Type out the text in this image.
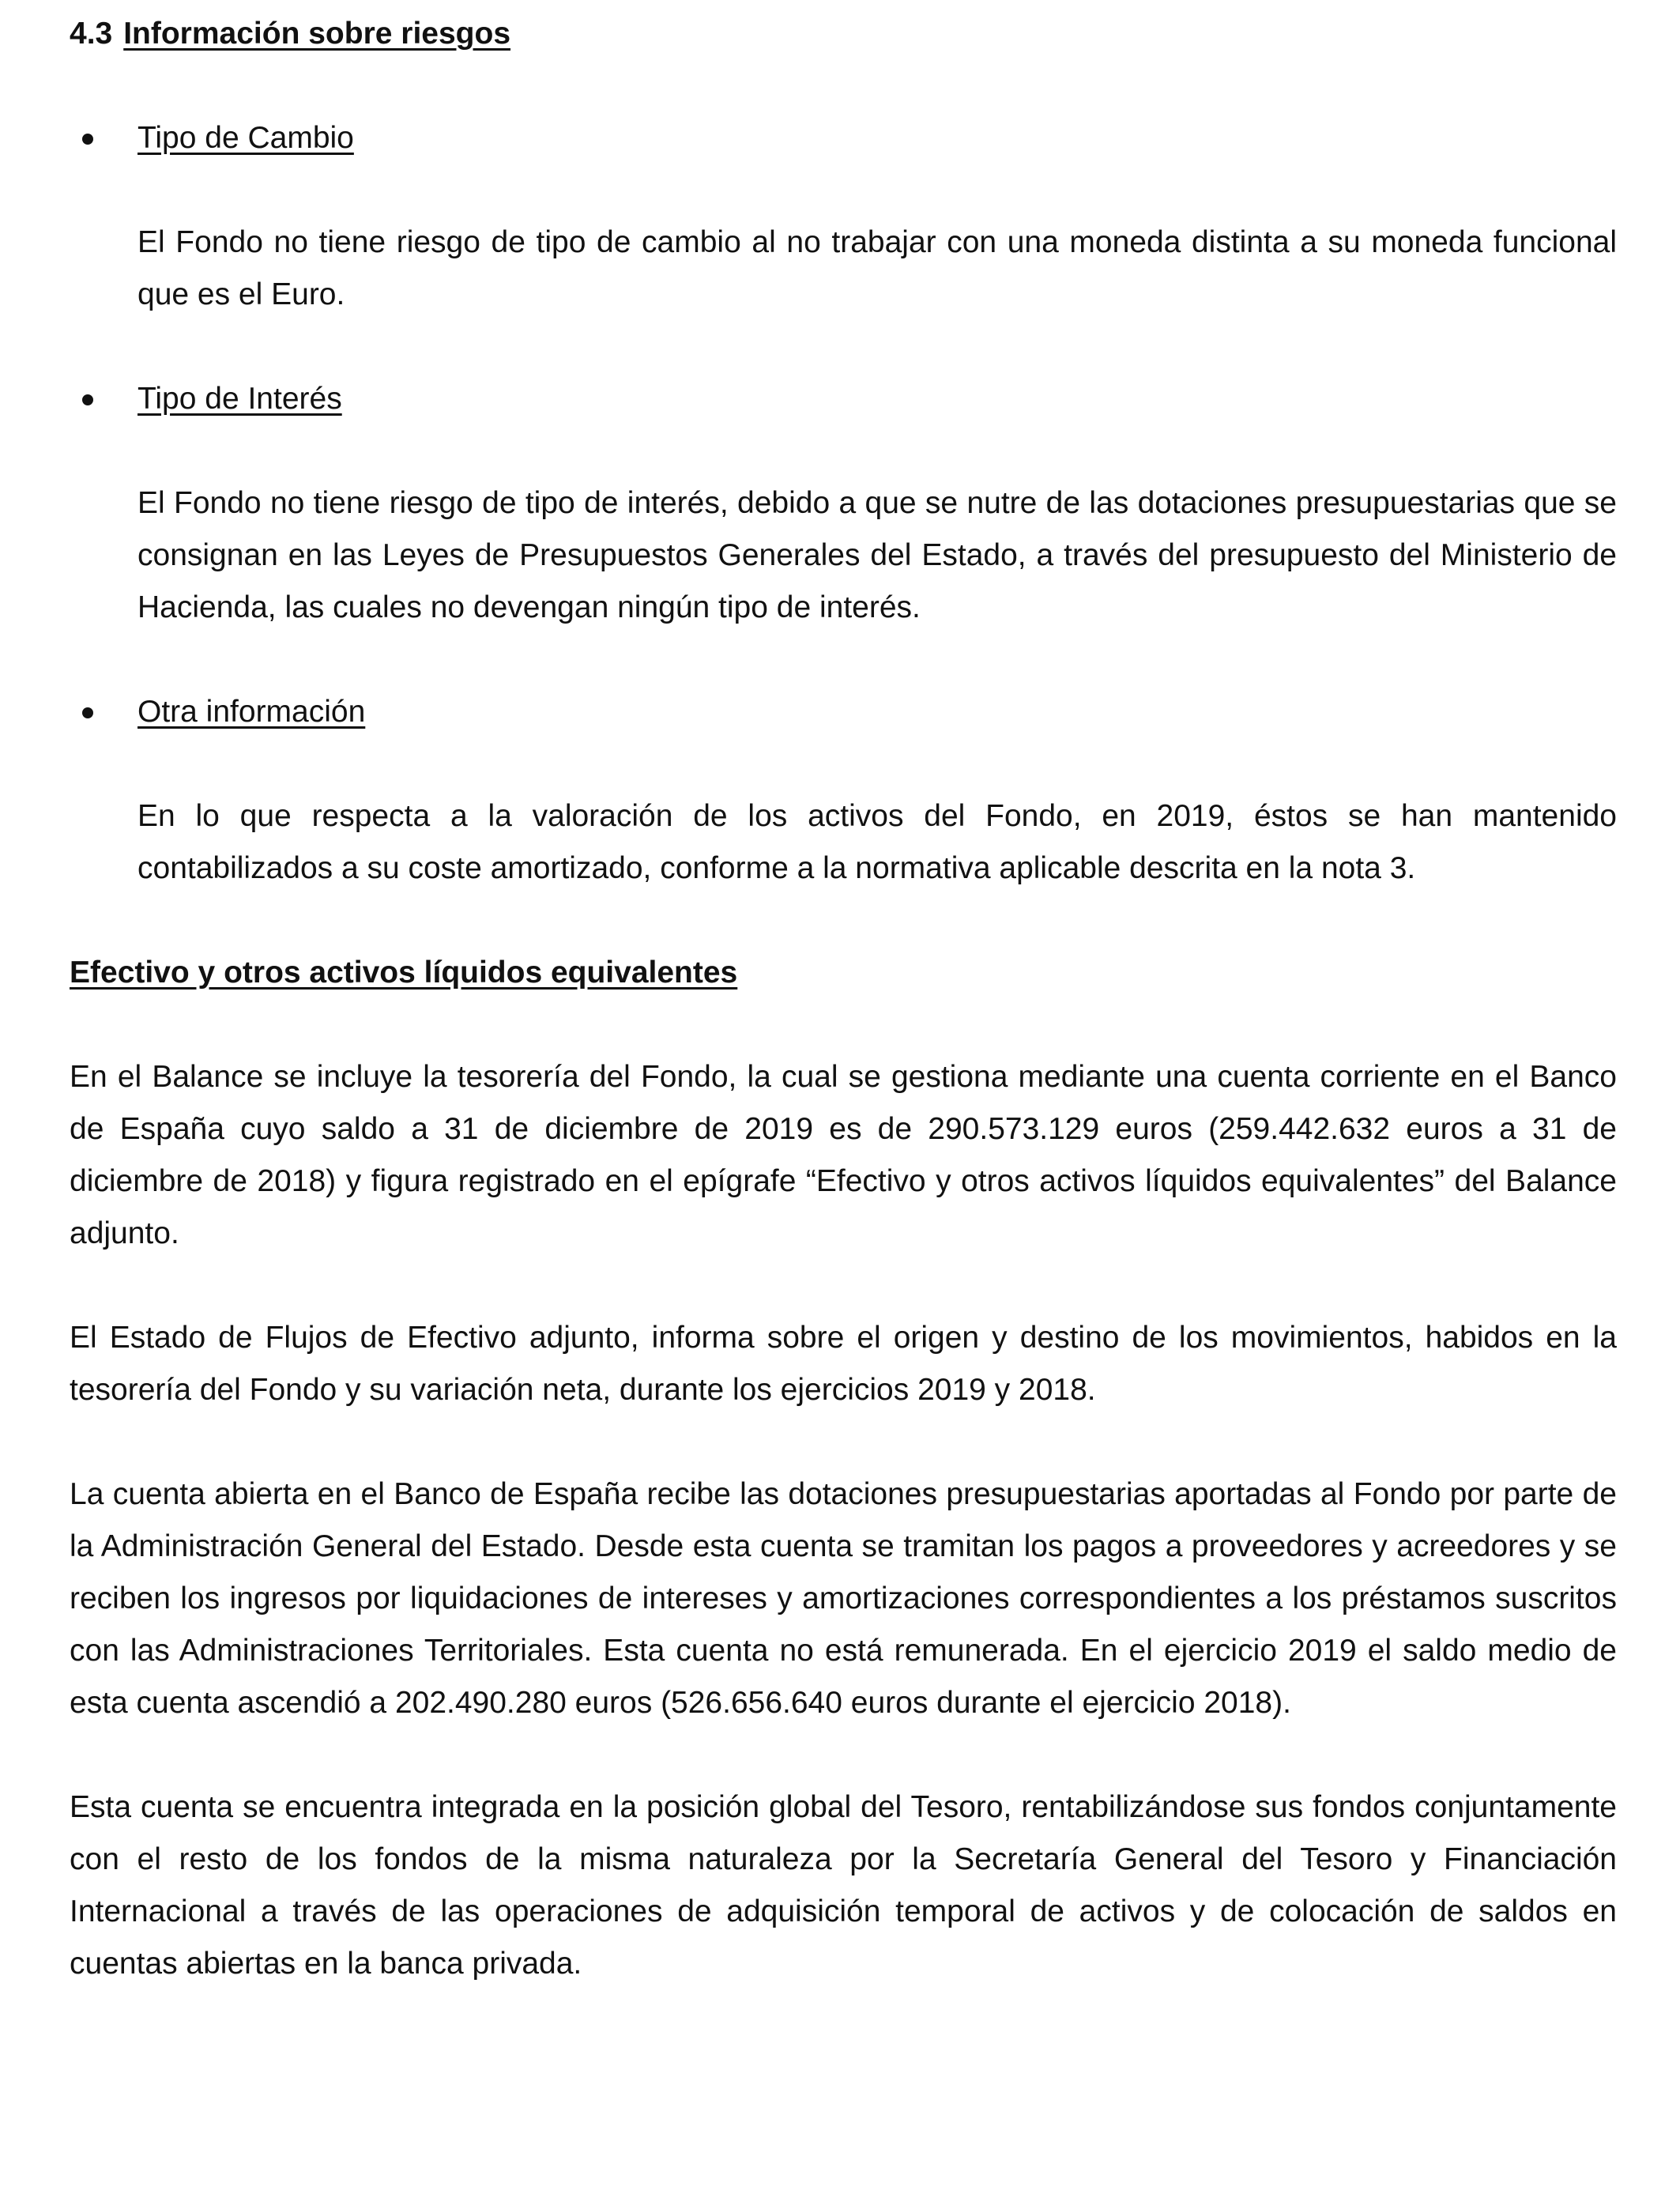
4.3 Información sobre riesgos
Tipo de Cambio

El Fondo no tiene riesgo de tipo de cambio al no trabajar con una moneda distinta a su moneda funcional que es el Euro.

Tipo de Interés

El Fondo no tiene riesgo de tipo de interés, debido a que se nutre de las dotaciones presupuestarias que se consignan en las Leyes de Presupuestos Generales del Estado, a través del presupuesto del Ministerio de Hacienda, las cuales no devengan ningún tipo de interés.

Otra información

En lo que respecta a la valoración de los activos del Fondo, en 2019, éstos se han mantenido contabilizados a su coste amortizado, conforme a la normativa aplicable descrita en la nota 3.

Efectivo y otros activos líquidos equivalentes

En el Balance se incluye la tesorería del Fondo, la cual se gestiona mediante una cuenta corriente en el Banco de España cuyo saldo a 31 de diciembre de 2019 es de 290.573.129 euros (259.442.632 euros a 31 de diciembre de 2018) y figura registrado en el epígrafe “Efectivo y otros activos líquidos equivalentes” del Balance adjunto.

El Estado de Flujos de Efectivo adjunto, informa sobre el origen y destino de los movimientos, habidos en la tesorería del Fondo y su variación neta, durante los ejercicios 2019 y 2018.

La cuenta abierta en el Banco de España recibe las dotaciones presupuestarias aportadas al Fondo por parte de la Administración General del Estado. Desde esta cuenta se tramitan los pagos a proveedores y acreedores y se reciben los ingresos por liquidaciones de intereses y amortizaciones correspondientes a los préstamos suscritos con las Administraciones Territoriales. Esta cuenta no está remunerada. En el ejercicio 2019 el saldo medio de esta cuenta ascendió a 202.490.280 euros (526.656.640 euros durante el ejercicio 2018).

Esta cuenta se encuentra integrada en la posición global del Tesoro, rentabilizándose sus fondos conjuntamente con el resto de los fondos de la misma naturaleza por la Secretaría General del Tesoro y Financiación Internacional a través de las operaciones de adquisición temporal de activos y de colocación de saldos en cuentas abiertas en la banca privada.
